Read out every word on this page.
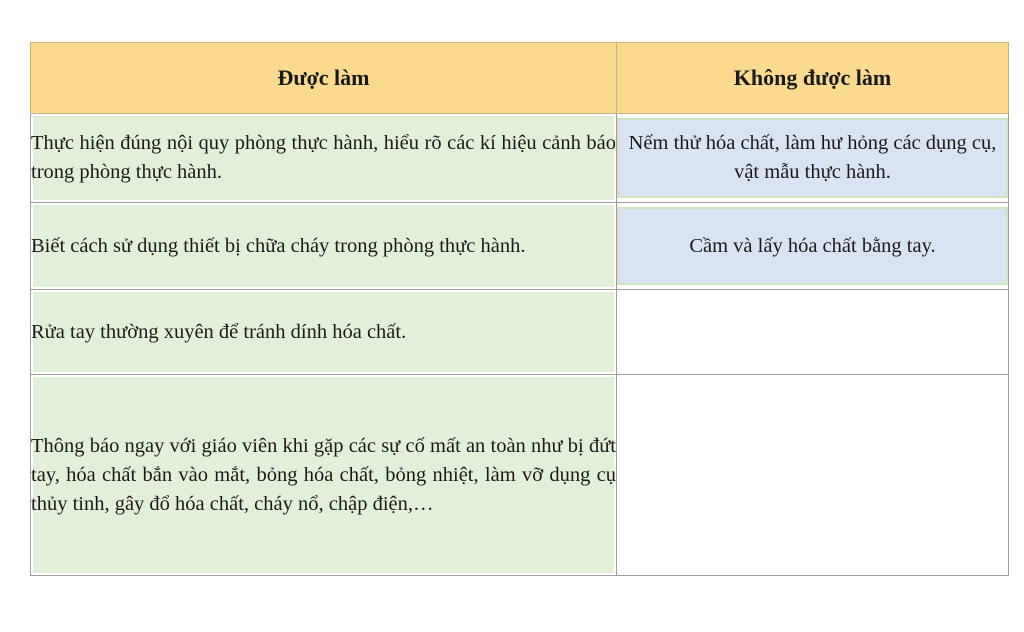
Được làm	Không được làm
Thực hiện đúng nội quy phòng thực hành, hiểu rõ các kí hiệu cảnh báo trong phòng thực hành.	Nếm thử hóa chất, làm hư hỏng các dụng cụ, vật mẫu thực hành.

Biết cách sử dụng thiết bị chữa cháy trong phòng thực hành.	Cầm và lấy hóa chất bằng tay.

Rửa tay thường xuyên để tránh dính hóa chất.	
Thông báo ngay với giáo viên khi gặp các sự cố mất an toàn như bị đứt tay, hóa chất bắn vào mắt, bỏng hóa chất, bỏng nhiệt, làm vỡ dụng cụ thủy tinh, gây đổ hóa chất, cháy nổ, chập điện,…	
